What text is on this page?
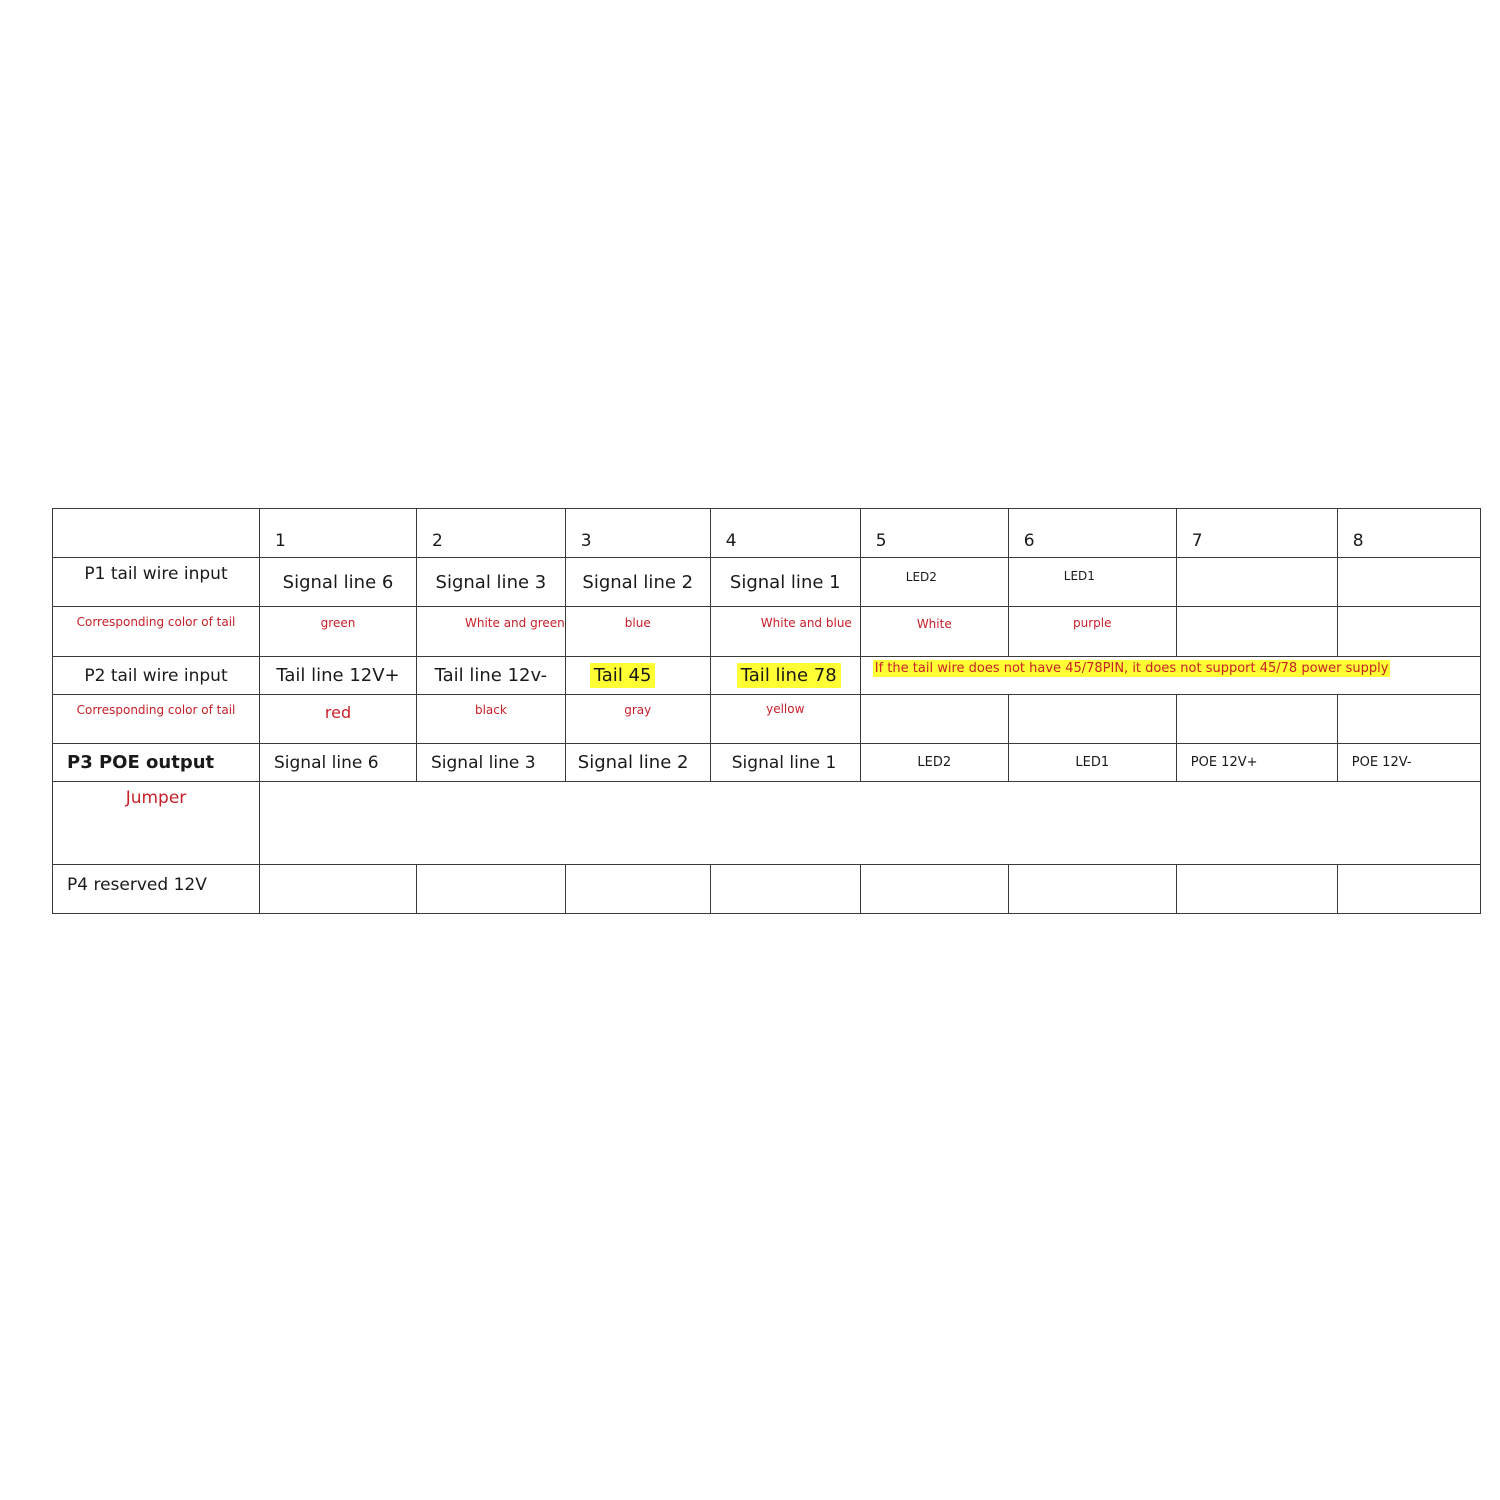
	1	2	3	4	5	6	7	8
P1 tail wire input	Signal line 6	Signal line 3	Signal line 2	Signal line 1	LED2	LED1		
Corresponding color of tail	green	White and green	blue	White and blue	White	purple		
P2 tail wire input	Tail line 12V+	Tail line 12v-	Tail 45	Tail line 78	If the tail wire does not have 45/78PIN, it does not support 45/78 power supply			
Corresponding color of tail	red	black	gray	yellow				
P3 POE output	Signal line 6	Signal line 3	Signal line 2	Signal line 1	LED2	LED1	POE 12V+	POE 12V-
Jumper								
P4 reserved 12V								
